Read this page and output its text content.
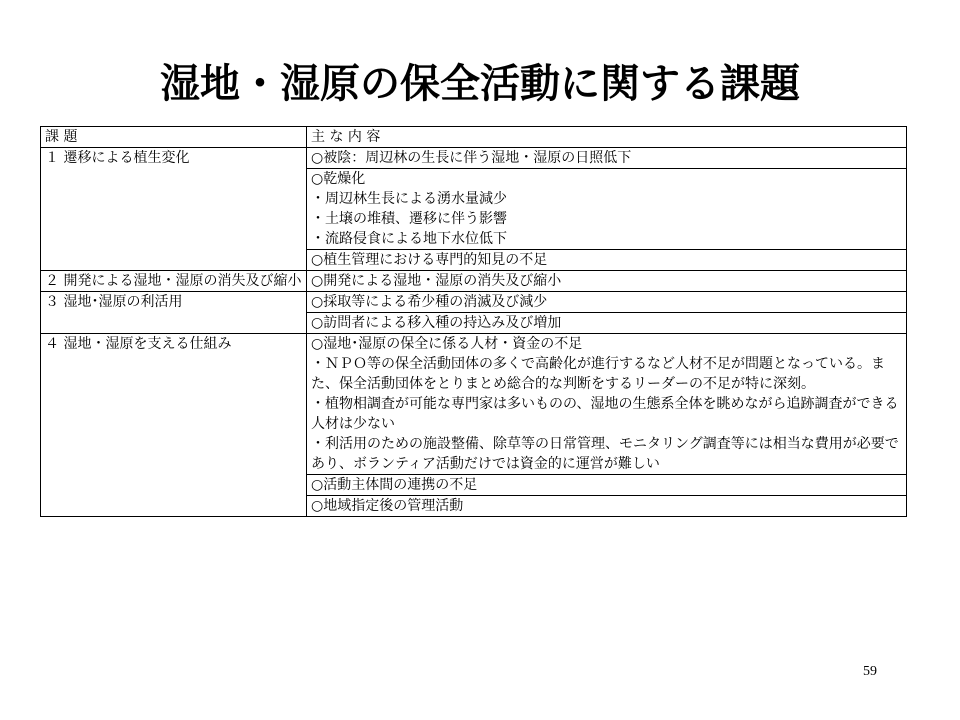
湿地・湿原の保全活動に関する課題
課 題	主 な 内 容
１ 遷移による植生変化	○被陰：周辺林の生長に伴う湿地・湿原の日照低下

	○乾燥化
・周辺林生長による湧水量減少
・土壌の堆積、遷移に伴う影響
・流路侵食による地下水位低下

	○植生管理における専門的知見の不足

２ 開発による湿地・湿原の消失及び縮小	○開発による湿地・湿原の消失及び縮小

３ 湿地･湿原の利活用	○採取等による希少種の消滅及び減少

	○訪問者による移入種の持込み及び増加

４ 湿地・湿原を支える仕組み	○湿地･湿原の保全に係る人材・資金の不足
・ＮＰＯ等の保全活動団体の多くで高齢化が進行するなど人材不足が問題となっている。また、保全活動団体をとりまとめ総合的な判断をするリーダーの不足が特に深刻。
・植物相調査が可能な専門家は多いものの、湿地の生態系全体を眺めながら追跡調査ができる人材は少ない
・利活用のための施設整備、除草等の日常管理、モニタリング調査等には相当な費用が必要であり、ボランティア活動だけでは資金的に運営が難しい

	○活動主体間の連携の不足

	○地域指定後の管理活動
59
